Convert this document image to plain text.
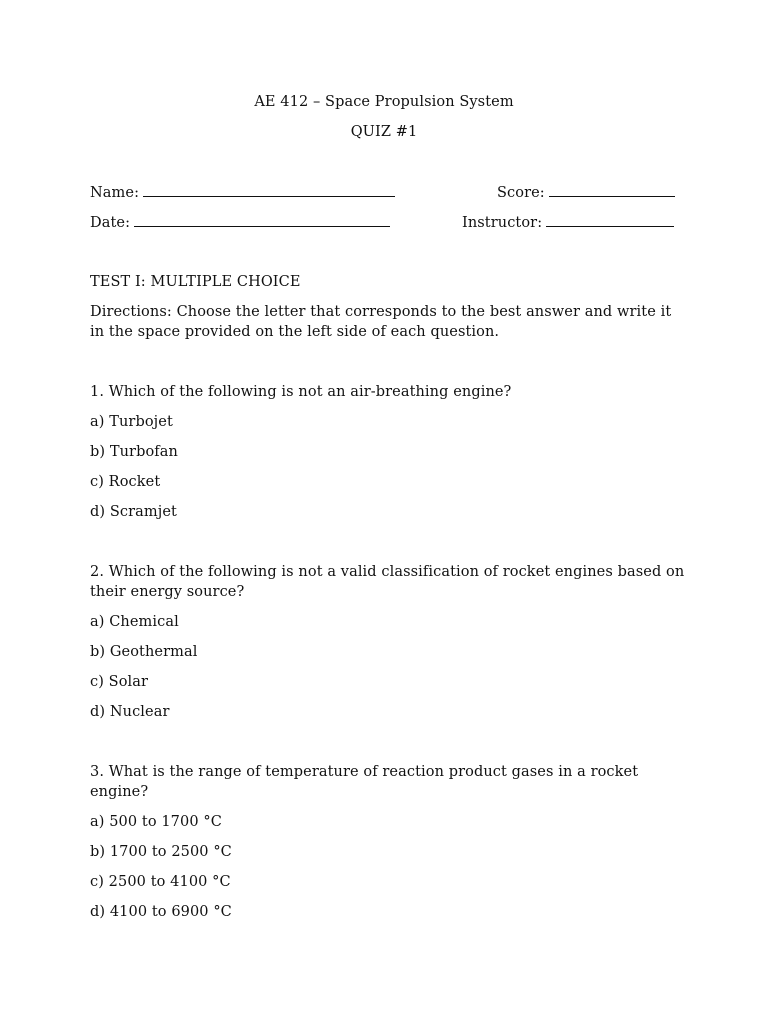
AE 412 – Space Propulsion System
QUIZ #1
Name:	Score:
Date:	Instructor:
TEST I: MULTIPLE CHOICE
Directions: Choose the letter that corresponds to the best answer and write it in the space provided on the left side of each question.
1. Which of the following is not an air-breathing engine?
a) Turbojet
b) Turbofan
c) Rocket
d) Scramjet
2. Which of the following is not a valid classification of rocket engines based on their energy source?
a) Chemical
b) Geothermal
c) Solar
d) Nuclear
3. What is the range of temperature of reaction product gases in a rocket engine?
a) 500 to 1700 °C
b) 1700 to 2500 °C
c) 2500 to 4100 °C
d) 4100 to 6900 °C
